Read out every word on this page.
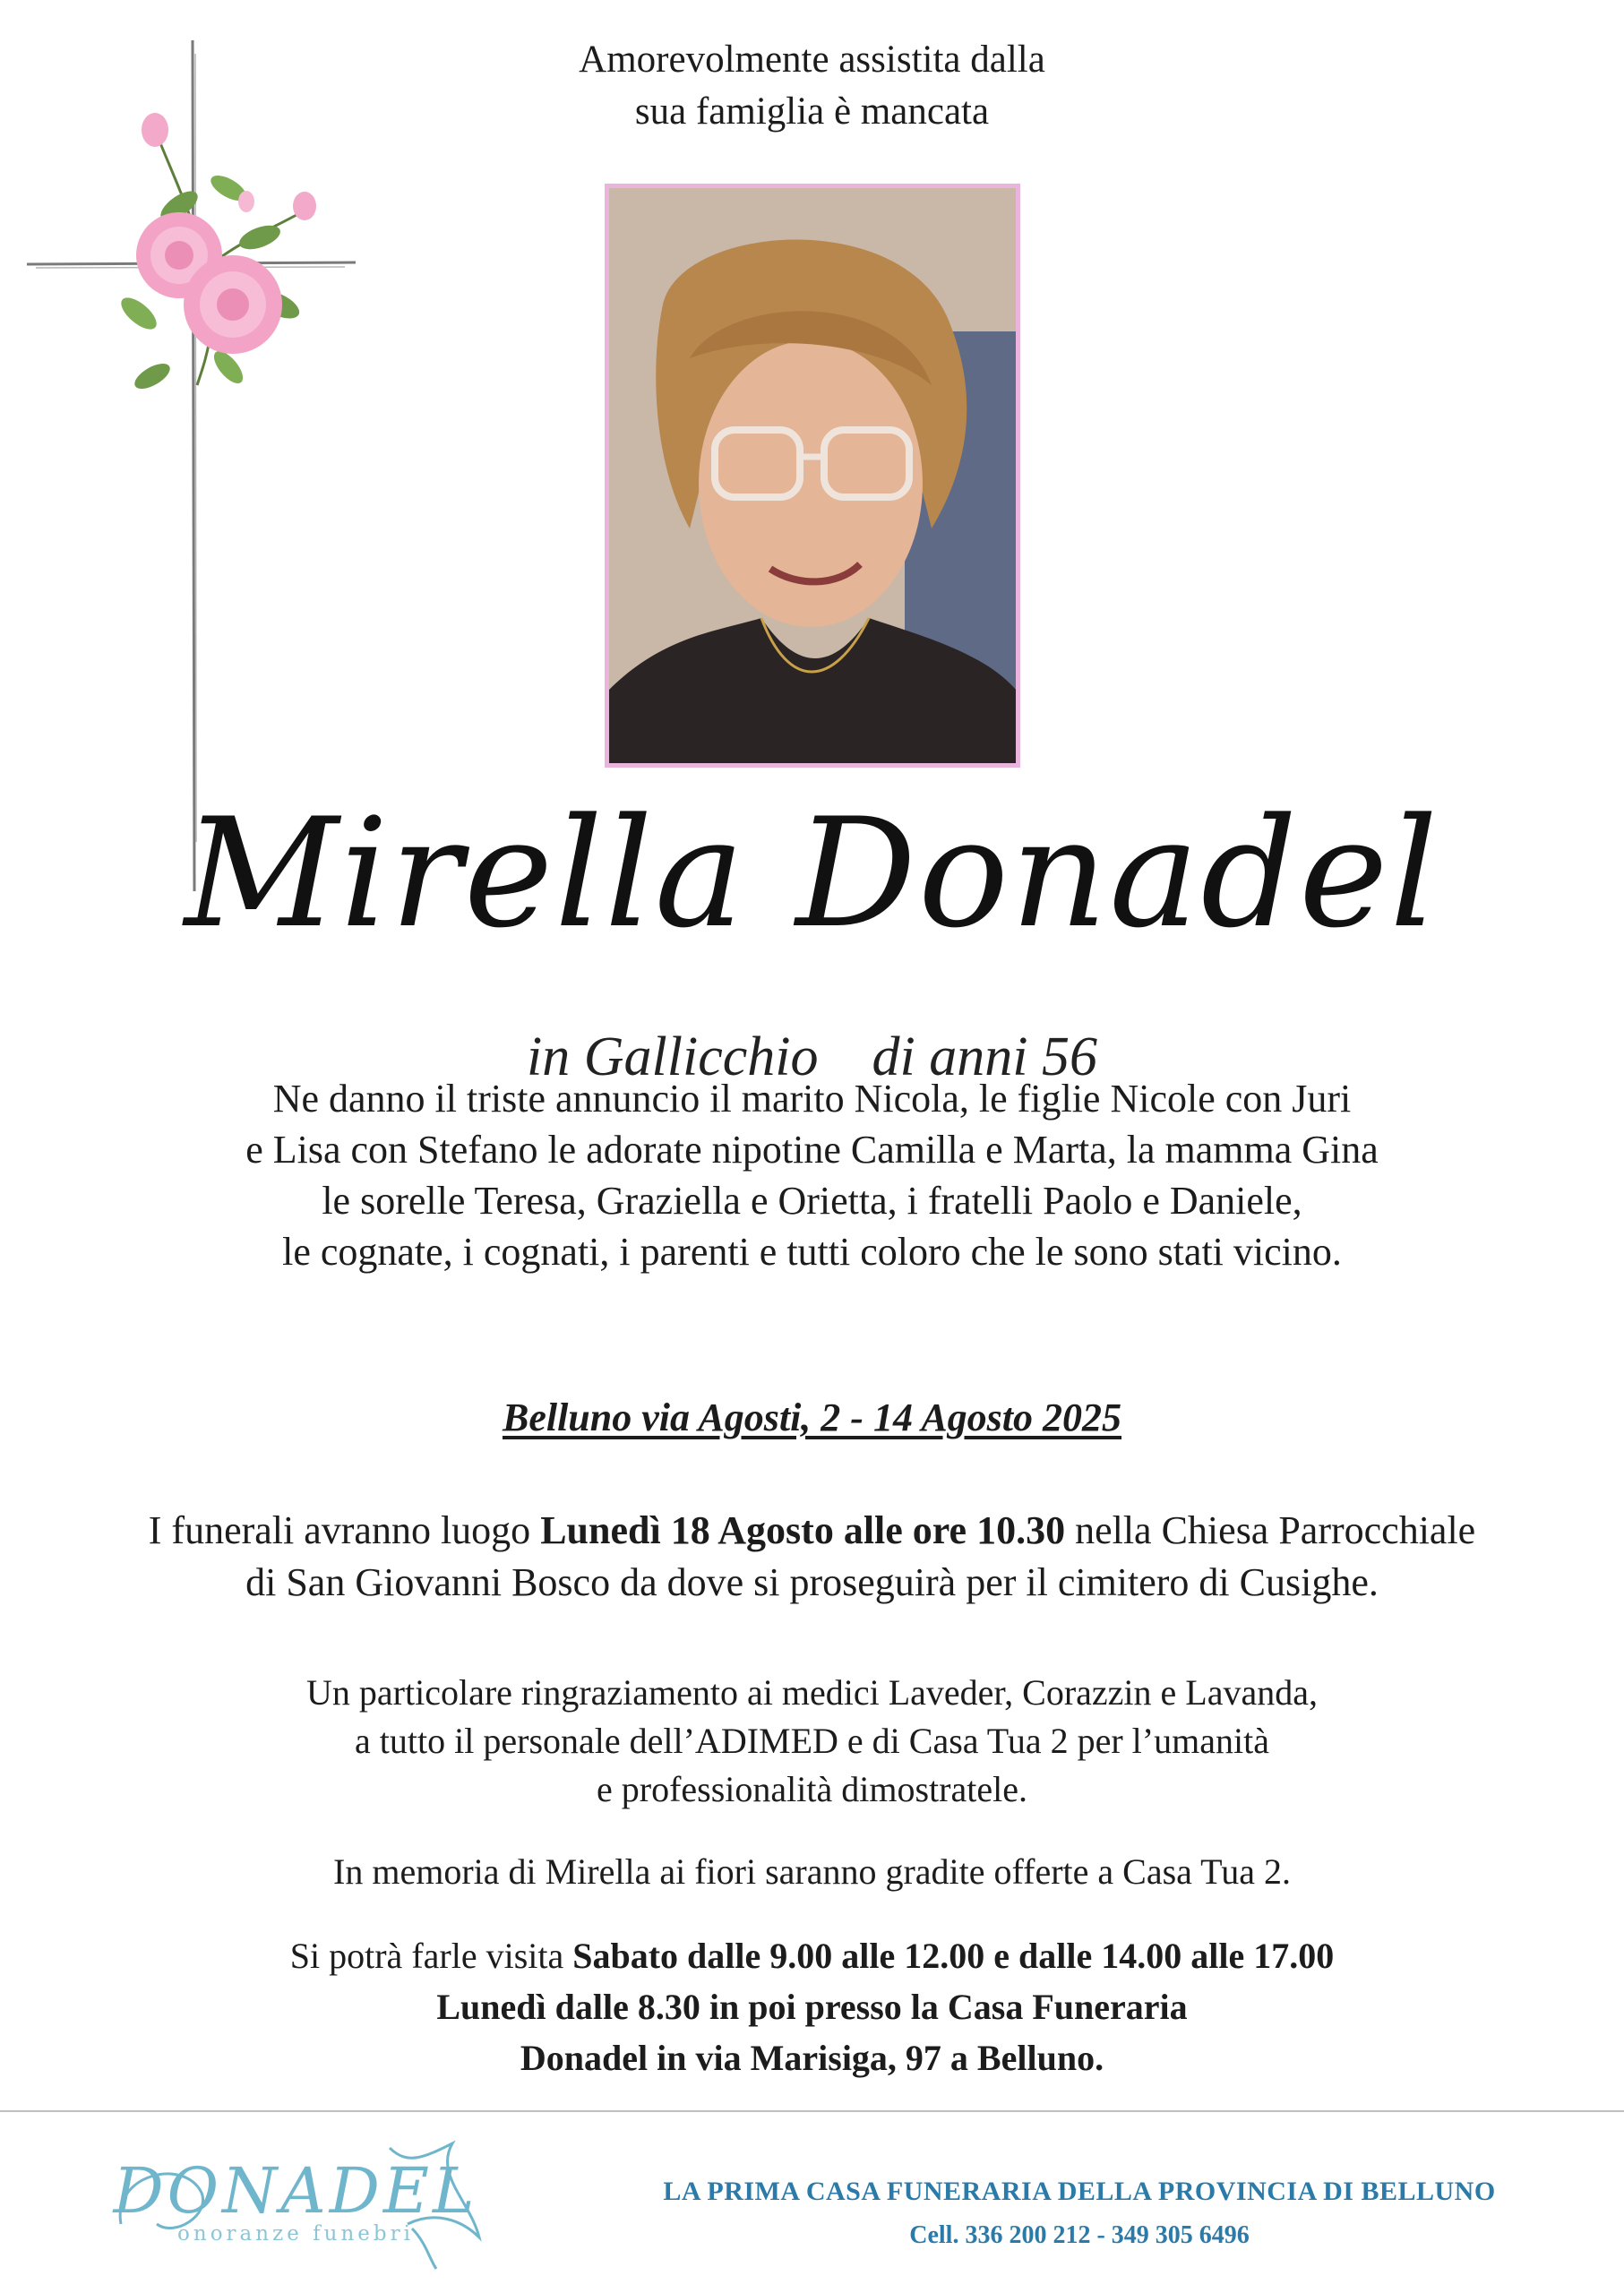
Amorevolmente assistita dalla
sua famiglia è mancata
Mirella Donadel
in Gallicchio di anni 56
Ne danno il triste annuncio il marito Nicola, le figlie Nicole con Juri
e Lisa con Stefano le adorate nipotine Camilla e Marta, la mamma Gina
le sorelle Teresa, Graziella e Orietta, i fratelli Paolo e Daniele,
le cognate, i cognati, i parenti e tutti coloro che le sono stati vicino.
Belluno via Agosti, 2 - 14 Agosto 2025
I funerali avranno luogo Lunedì 18 Agosto alle ore 10.30 nella Chiesa Parrocchiale
di San Giovanni Bosco da dove si proseguirà per il cimitero di Cusighe.
Un particolare ringraziamento ai medici Laveder, Corazzin e Lavanda,
a tutto il personale dell’ADIMED e di Casa Tua 2 per l’umanità
e professionalità dimostratele.
In memoria di Mirella ai fiori saranno gradite offerte a Casa Tua 2.
Si potrà farle visita Sabato dalle 9.00 alle 12.00 e dalle 14.00 alle 17.00
Lunedì dalle 8.30 in poi presso la Casa Funeraria
Donadel in via Marisiga, 97 a Belluno.
DONADEL
onoranze funebri
LA PRIMA CASA FUNERARIA DELLA PROVINCIA DI BELLUNO
Cell. 336 200 212 - 349 305 6496
